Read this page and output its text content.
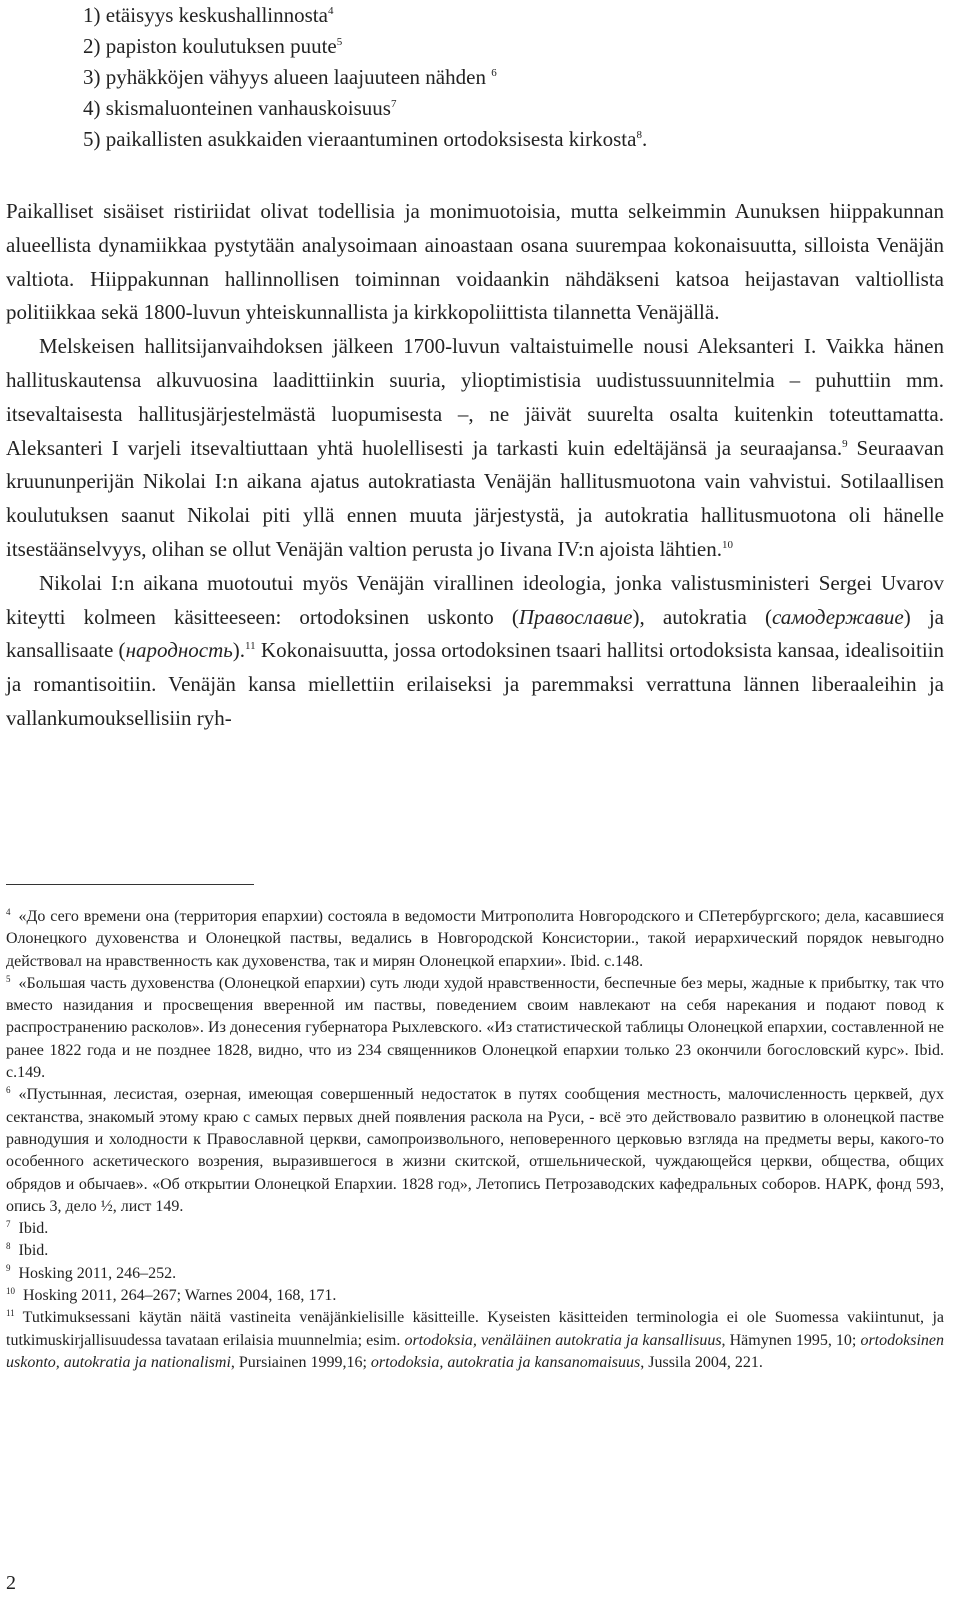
1) etäisyys keskushallinnosta$^4$
2) papiston koulutuksen puute$^5$
3) pyhäkköjen vähyys alueen laajuuteen nähden $^6$
4) skismaluonteinen vanhauskoisuus$^7$
5) paikallisten asukkaiden vieraantuminen ortodoksisesta kirkosta$^8$.

Paikalliset sisäiset ristiriidat olivat todellisia ja monimuotoisia, mutta selkeimmin Aunuksen hiippakunnan alueellista dynamiikkaa pystytään analysoimaan ainoastaan osana suurempaa kokonaisuutta, silloista Venäjän valtiota. Hiippakunnan hallinnollisen toiminnan voidaankin nähdäkseni katsoa heijastavan valtiollista politiikkaa sekä 1800-luvun yhteiskunnallista ja kirkkopoliittista tilannetta Venäjällä.

Melskeisen hallitsijanvaihdoksen jälkeen 1700-luvun valtaistuimelle nousi Aleksanteri I. Vaikka hänen hallituskautensa alkuvuosina laadittiinkin suuria, ylioptimistisia uudistussuunnitelmia – puhuttiin mm. itsevaltaisesta hallitusjärjestelmästä luopumisesta –, ne jäivät suurelta osalta kuitenkin toteuttamatta. Aleksanteri I varjeli itsevaltiuttaan yhtä huolellisesti ja tarkasti kuin edeltäjänsä ja seuraajansa.$^9$ Seuraavan kruununperijän Nikolai I:n aikana ajatus autokratiasta Venäjän hallitusmuotona vain vahvistui. Sotilaallisen koulutuksen saanut Nikolai piti yllä ennen muuta järjestystä, ja autokratia hallitusmuotona oli hänelle itsestäänselvyys, olihan se ollut Venäjän valtion perusta jo Iivana IV:n ajoista lähtien.$^{10}$

Nikolai I:n aikana muotoutui myös Venäjän virallinen ideologia, jonka valistusministeri Sergei Uvarov kiteytti kolmeen käsitteeseen: ortodoksinen uskonto (Православие), autokratia (самодержавие) ja kansallisaate (народность).$^{11}$ Kokonaisuutta, jossa ortodoksinen tsaari hallitsi ortodoksista kansaa, idealisoitiin ja romantisoitiin. Venäjän kansa miellettiin erilaiseksi ja paremmaksi verrattuna lännen liberaaleihin ja vallankumouksellisiin ryh-

$^4$ «До сего времени она (территория епархии) состояла в ведомости Митрополита Новгородского и СПетербургского; дела, касавшиеся Олонецкого духовенства и Олонецкой паствы, ведались в Новгородской Консистории., такой иерархический порядок невыгодно действовал на нравственность как духовенства, так и мирян Олонецкой епархии». Ibid. с.148.

$^5$ «Большая часть духовенства (Олонецкой епархии) суть люди худой нравственности, беспечные без меры, жадные к прибытку, так что вместо назидания и просвещения вверенной им паствы, поведением своим навлекают на себя нарекания и подают повод к распространению расколов». Из донесения губернатора Рыхлевского. «Из статистической таблицы Олонецкой епархии, составленной не ранее 1822 года и не позднее 1828, видно, что из 234 священников Олонецкой епархии только 23 окончили богословский курс». Ibid. с.149.

$^6$ «Пустынная, лесистая, озерная, имеющая совершенный недостаток в путях сообщения местность, малочисленность церквей, дух сектанства, знакомый этому краю с самых первых дней появления раскола на Руси, - всё это действовало развитию в олонецкой пастве равнодушия и холодности к Православной церкви, самопроизвольного, неповеренного церковью взгляда на предметы веры, какого-то особенного аскетического возрения, выразившегося в жизни скитской, отшельнической, чуждающейся церкви, общества, общих обрядов и обычаев». «Об открытии Олонецкой Епархии. 1828 год», Летопись Петрозаводских кафедральных соборов. НАРК, фонд 593, опись 3, дело ½, лист 149.

$^7$ Ibid.

$^8$ Ibid.

$^9$ Hosking 2011, 246–252.

$^{10}$ Hosking 2011, 264–267; Warnes 2004, 168, 171.

$^{11}$ Tutkimuksessani käytän näitä vastineita venäjänkielisille käsitteille. Kyseisten käsitteiden terminologia ei ole Suomessa vakiintunut, ja tutkimuskirjallisuudessa tavataan erilaisia muunnelmia; esim. ortodoksia, venäläinen autokratia ja kansallisuus, Hämynen 1995, 10; ortodoksinen uskonto, autokratia ja nationalismi, Pursiainen 1999,16; ortodoksia, autokratia ja kansanomaisuus, Jussila 2004, 221.

2
